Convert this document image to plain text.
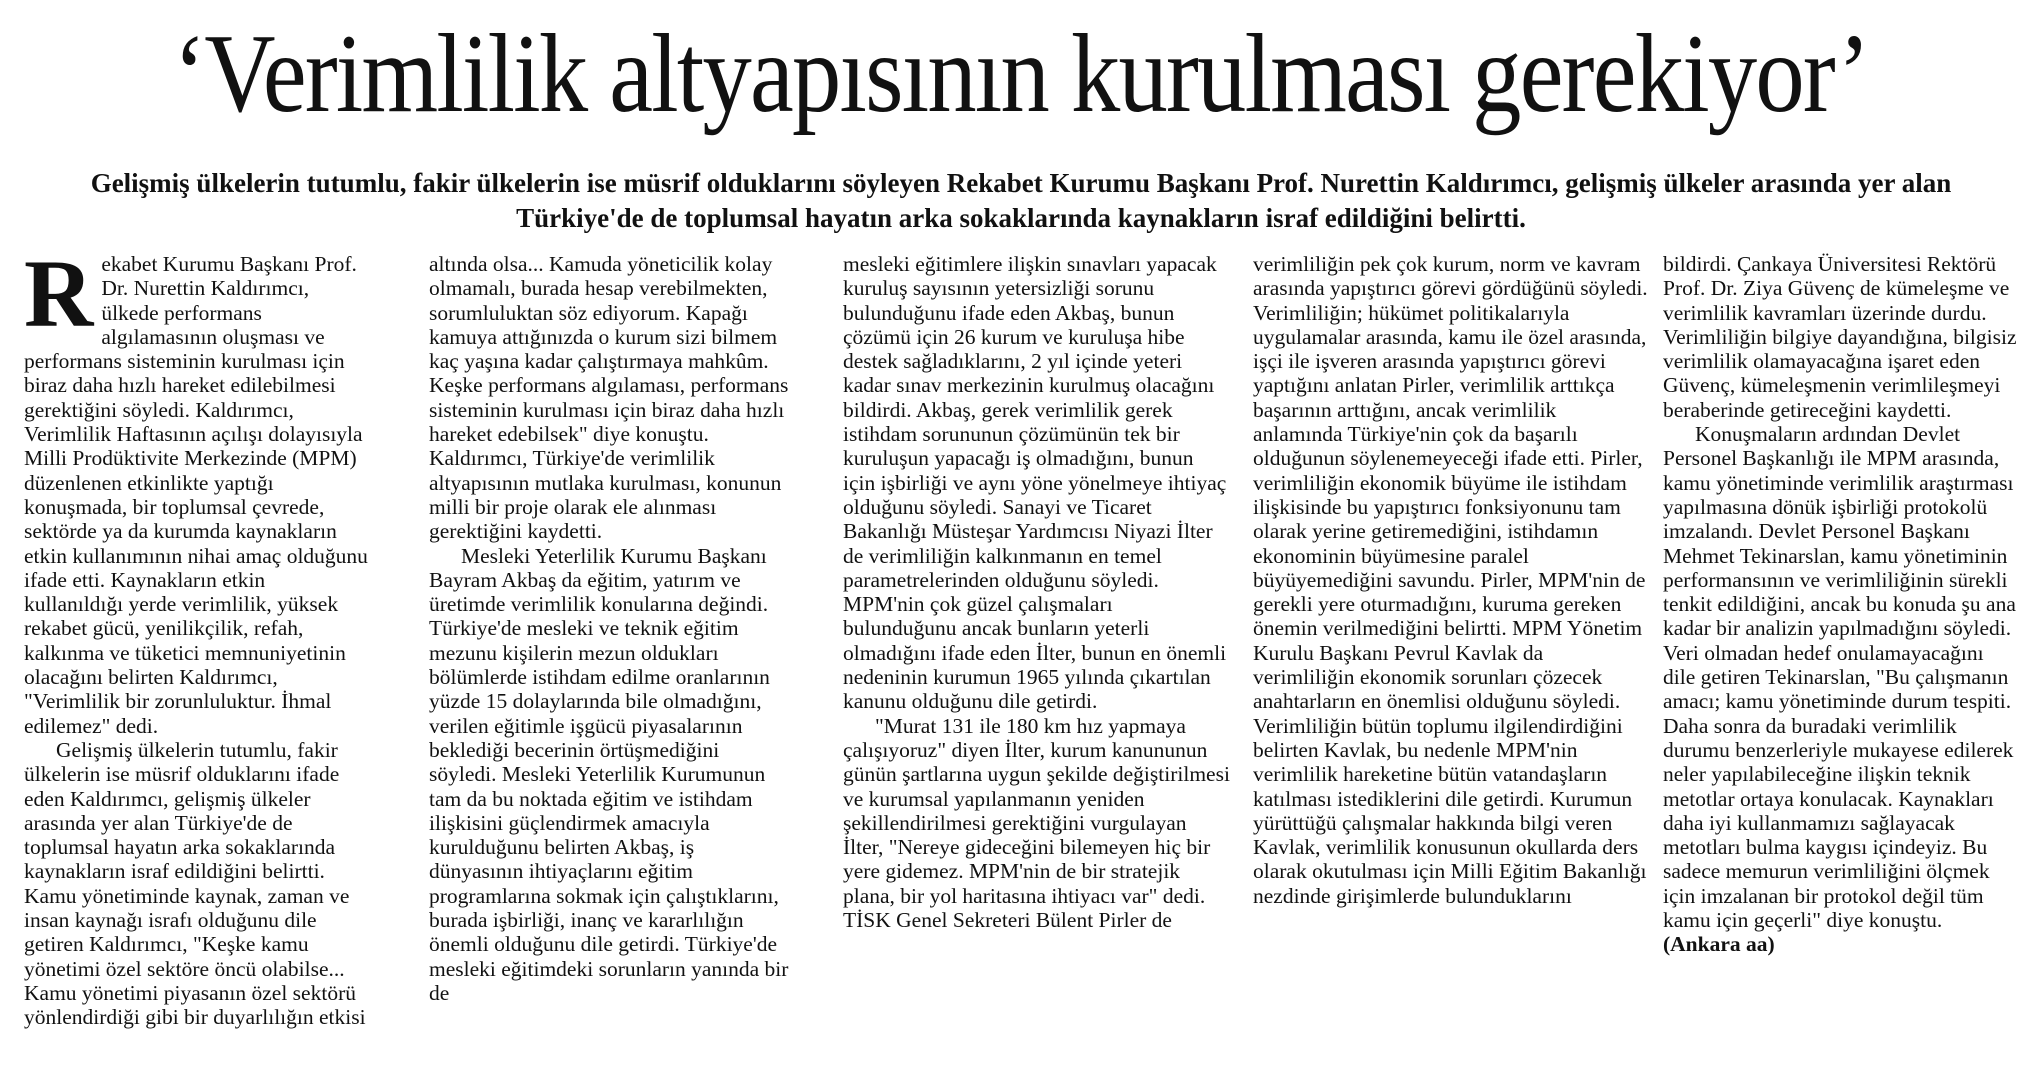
‘Verimlilik altyapısının kurulması gerekiyor’

Gelişmiş ülkelerin tutumlu, fakir ülkelerin ise müsrif olduklarını söyleyen Rekabet Kurumu Başkanı Prof. Nurettin Kaldırımcı, gelişmiş ülkeler arasında yer alan Türkiye'de de toplumsal hayatın arka sokaklarında kaynakların israf edildiğini belirtti.

Rekabet Kurumu Başkanı Prof. Dr. Nurettin Kaldırımcı, ülkede performans algılamasının oluşması ve performans sisteminin kurulması için biraz daha hızlı hareket edilebilmesi gerektiğini söyledi. Kaldırımcı, Verimlilik Haftasının açılışı dolayısıyla Milli Prodüktivite Merkezinde (MPM) düzenlenen etkinlikte yaptığı konuşmada, bir toplumsal çevrede, sektörde ya da kurumda kaynakların etkin kullanımının nihai amaç olduğunu ifade etti. Kaynakların etkin kullanıldığı yerde verimlilik, yüksek rekabet gücü, yenilikçilik, refah, kalkınma ve tüketici memnuniyetinin olacağını belirten Kaldırımcı, "Verimlilik bir zorunluluktur. İhmal edilemez" dedi.

Gelişmiş ülkelerin tutumlu, fakir ülkelerin ise müsrif olduklarını ifade eden Kaldırımcı, gelişmiş ülkeler arasında yer alan Türkiye'de de toplumsal hayatın arka sokaklarında kaynakların israf edildiğini belirtti. Kamu yönetiminde kaynak, zaman ve insan kaynağı israfı olduğunu dile getiren Kaldırımcı, "Keşke kamu yönetimi özel sektöre öncü olabilse... Kamu yönetimi piyasanın özel sektörü yönlendirdiği gibi bir duyarlılığın etkisi

altında olsa... Kamuda yöneticilik kolay olmamalı, burada hesap verebilmekten, sorumluluktan söz ediyorum. Kapağı kamuya attığınızda o kurum sizi bilmem kaç yaşına kadar çalıştırmaya mahkûm. Keşke performans algılaması, performans sisteminin kurulması için biraz daha hızlı hareket edebilsek" diye konuştu. Kaldırımcı, Türkiye'de verimlilik altyapısının mutlaka kurulması, konunun milli bir proje olarak ele alınması gerektiğini kaydetti.

Mesleki Yeterlilik Kurumu Başkanı Bayram Akbaş da eğitim, yatırım ve üretimde verimlilik konularına değindi. Türkiye'de mesleki ve teknik eğitim mezunu kişilerin mezun oldukları bölümlerde istihdam edilme oranlarının yüzde 15 dolaylarında bile olmadığını, verilen eğitimle işgücü piyasalarının beklediği becerinin örtüşmediğini söyledi. Mesleki Yeterlilik Kurumunun tam da bu noktada eğitim ve istihdam ilişkisini güçlendirmek amacıyla kurulduğunu belirten Akbaş, iş dünyasının ihtiyaçlarını eğitim programlarına sokmak için çalıştıklarını, burada işbirliği, inanç ve kararlılığın önemli olduğunu dile getirdi. Türkiye'de mesleki eğitimdeki sorunların yanında bir de

mesleki eğitimlere ilişkin sınavları yapacak kuruluş sayısının yetersizliği sorunu bulunduğunu ifade eden Akbaş, bunun çözümü için 26 kurum ve kuruluşa hibe destek sağladıklarını, 2 yıl içinde yeteri kadar sınav merkezinin kurulmuş olacağını bildirdi. Akbaş, gerek verimlilik gerek istihdam sorununun çözümünün tek bir kuruluşun yapacağı iş olmadığını, bunun için işbirliği ve aynı yöne yönelmeye ihtiyaç olduğunu söyledi. Sanayi ve Ticaret Bakanlığı Müsteşar Yardımcısı Niyazi İlter de verimliliğin kalkınmanın en temel parametrelerinden olduğunu söyledi. MPM'nin çok güzel çalışmaları bulunduğunu ancak bunların yeterli olmadığını ifade eden İlter, bunun en önemli nedeninin kurumun 1965 yılında çıkartılan kanunu olduğunu dile getirdi.

"Murat 131 ile 180 km hız yapmaya çalışıyoruz" diyen İlter, kurum kanununun günün şartlarına uygun şekilde değiştirilmesi ve kurumsal yapılanmanın yeniden şekillendirilmesi gerektiğini vurgulayan İlter, "Nereye gideceğini bilemeyen hiç bir yere gidemez. MPM'nin de bir stratejik plana, bir yol haritasına ihtiyacı var" dedi. TİSK Genel Sekreteri Bülent Pirler de

verimliliğin pek çok kurum, norm ve kavram arasında yapıştırıcı görevi gördüğünü söyledi. Verimliliğin; hükümet politikalarıyla uygulamalar arasında, kamu ile özel arasında, işçi ile işveren arasında yapıştırıcı görevi yaptığını anlatan Pirler, verimlilik arttıkça başarının arttığını, ancak verimlilik anlamında Türkiye'nin çok da başarılı olduğunun söylenemeyeceği ifade etti. Pirler, verimliliğin ekonomik büyüme ile istihdam ilişkisinde bu yapıştırıcı fonksiyonunu tam olarak yerine getiremediğini, istihdamın ekonominin büyümesine paralel büyüyemediğini savundu. Pirler, MPM'nin de gerekli yere oturmadığını, kuruma gereken önemin verilmediğini belirtti. MPM Yönetim Kurulu Başkanı Pevrul Kavlak da verimliliğin ekonomik sorunları çözecek anahtarların en önemlisi olduğunu söyledi. Verimliliğin bütün toplumu ilgilendirdiğini belirten Kavlak, bu nedenle MPM'nin verimlilik hareketine bütün vatandaşların katılması istediklerini dile getirdi. Kurumun yürüttüğü çalışmalar hakkında bilgi veren Kavlak, verimlilik konusunun okullarda ders olarak okutulması için Milli Eğitim Bakanlığı nezdinde girişimlerde bulunduklarını

bildirdi. Çankaya Üniversitesi Rektörü Prof. Dr. Ziya Güvenç de kümeleşme ve verimlilik kavramları üzerinde durdu. Verimliliğin bilgiye dayandığına, bilgisiz verimlilik olamayacağına işaret eden Güvenç, kümeleşmenin verimlileşmeyi beraberinde getireceğini kaydetti.

Konuşmaların ardından Devlet Personel Başkanlığı ile MPM arasında, kamu yönetiminde verimlilik araştırması yapılmasına dönük işbirliği protokolü imzalandı. Devlet Personel Başkanı Mehmet Tekinarslan, kamu yönetiminin performansının ve verimliliğinin sürekli tenkit edildiğini, ancak bu konuda şu ana kadar bir analizin yapılmadığını söyledi. Veri olmadan hedef onulamayacağını dile getiren Tekinarslan, "Bu çalışmanın amacı; kamu yönetiminde durum tespiti. Daha sonra da buradaki verimlilik durumu benzerleriyle mukayese edilerek neler yapılabileceğine ilişkin teknik metotlar ortaya konulacak. Kaynakları daha iyi kullanmamızı sağlayacak metotları bulma kaygısı içindeyiz. Bu sadece memurun verimliliğini ölçmek için imzalanan bir protokol değil tüm kamu için geçerli" diye konuştu. (Ankara aa)
